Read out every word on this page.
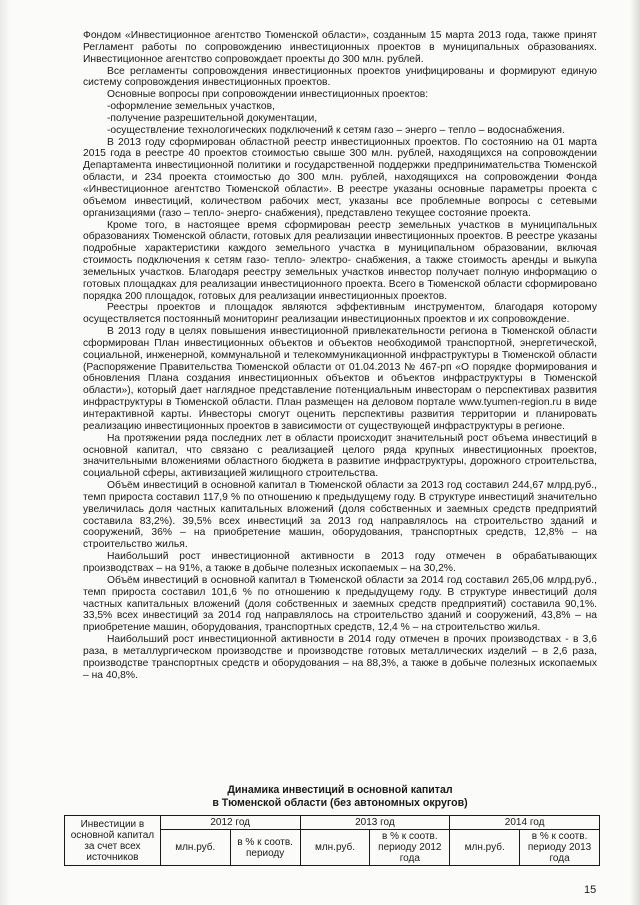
Фондом «Инвестиционное агентство Тюменской области», созданным 15 марта 2013 года, также принят Регламент работы по сопровождению инвестиционных проектов в муниципальных образованиях. Инвестиционное агентство сопровождает проекты до 300 млн. рублей.

Все регламенты сопровождения инвестиционных проектов унифицированы и формируют единую систему сопровождения инвестиционных проектов.

Основные вопросы при сопровождении инвестиционных проектов:

-оформление земельных участков,

-получение разрешительной документации,

-осуществление технологических подключений к сетям газо – энерго – тепло – водоснабжения.

В 2013 году сформирован областной реестр инвестиционных проектов. По состоянию на 01 марта 2015 года в реестре 40 проектов стоимостью свыше 300 млн. рублей, находящихся на сопровождении Департамента инвестиционной политики и государственной поддержки предпринимательства Тюменской области, и 234 проекта стоимостью до 300 млн. рублей, находящихся на сопровождении Фонда «Инвестиционное агентство Тюменской области». В реестре указаны основные параметры проекта с объемом инвестиций, количеством рабочих мест, указаны все проблемные вопросы с сетевыми организациями (газо – тепло- энерго- снабжения), представлено текущее состояние проекта.

Кроме того, в настоящее время сформирован реестр земельных участков в муниципальных образованиях Тюменской области, готовых для реализации инвестиционных проектов. В реестре указаны подробные характеристики каждого земельного участка в муниципальном образовании, включая стоимость подключения к сетям газо- тепло- электро- снабжения, а также стоимость аренды и выкупа земельных участков. Благодаря реестру земельных участков инвестор получает полную информацию о готовых площадках для реализации инвестиционного проекта. Всего в Тюменской области сформировано порядка 200 площадок, готовых для реализации инвестиционных проектов.

Реестры проектов и площадок являются эффективным инструментом, благодаря которому осуществляется постоянный мониторинг реализации инвестиционных проектов и их сопровождение.

В 2013 году в целях повышения инвестиционной привлекательности региона в Тюменской области сформирован План инвестиционных объектов и объектов необходимой транспортной, энергетической, социальной, инженерной, коммунальной и телекоммуникационной инфраструктуры в Тюменской области (Распоряжение Правительства Тюменской области от 01.04.2013 № 467-рп «О порядке формирования и обновления Плана создания инвестиционных объектов и объектов инфраструктуры в Тюменской области»), который дает наглядное представление потенциальным инвесторам о перспективах развития инфраструктуры в Тюменской области. План размещен на деловом портале www.tyumen-region.ru в виде интерактивной карты. Инвесторы смогут оценить перспективы развития территории и планировать реализацию инвестиционных проектов в зависимости от существующей инфраструктуры в регионе.

На протяжении ряда последних лет в области происходит значительный рост объема инвестиций в основной капитал, что связано с реализацией целого ряда крупных инвестиционных проектов, значительными вложениями областного бюджета в развитие инфраструктуры, дорожного строительства, социальной сферы, активизацией жилищного строительства.

Объём инвестиций в основной капитал в Тюменской области за 2013 год составил 244,67 млрд.руб., темп прироста составил 117,9 % по отношению к предыдущему году. В структуре инвестиций значительно увеличилась доля частных капитальных вложений (доля собственных и заемных средств предприятий составила 83,2%). 39,5% всех инвестиций за 2013 год направлялось на строительство зданий и сооружений, 36% – на приобретение машин, оборудования, транспортных средств, 12,8% – на строительство жилья.

Наибольший рост инвестиционной активности в 2013 году отмечен в обрабатывающих производствах – на 91%, а также в добыче полезных ископаемых – на 30,2%.

Объём инвестиций в основной капитал в Тюменской области за 2014 год составил 265,06 млрд.руб., темп прироста составил 101,6 % по отношению к предыдущему году. В структуре инвестиций доля частных капитальных вложений (доля собственных и заемных средств предприятий) составила 90,1%. 33,5% всех инвестиций за 2014 год направлялось на строительство зданий и сооружений, 43,8% – на приобретение машин, оборудования, транспортных средств, 12,4 % – на строительство жилья.

Наибольший рост инвестиционной активности в 2014 году отмечен в прочих производствах - в 3,6 раза, в металлургическом производстве и производстве готовых металлических изделий – в 2,6 раза, производстве транспортных средств и оборудования – на 88,3%, а также в добыче полезных ископаемых – на 40,8%.

Динамика инвестиций в основной капитал
в Тюменской области (без автономных округов)
Инвестиции в основной капитал за счет всех источников	2012 год		2013 год		2014 год	
	млн.руб.	в % к соотв. периоду	млн.руб.	в % к соотв. периоду 2012 года	млн.руб.	в % к соотв. периоду 2013 года
15
